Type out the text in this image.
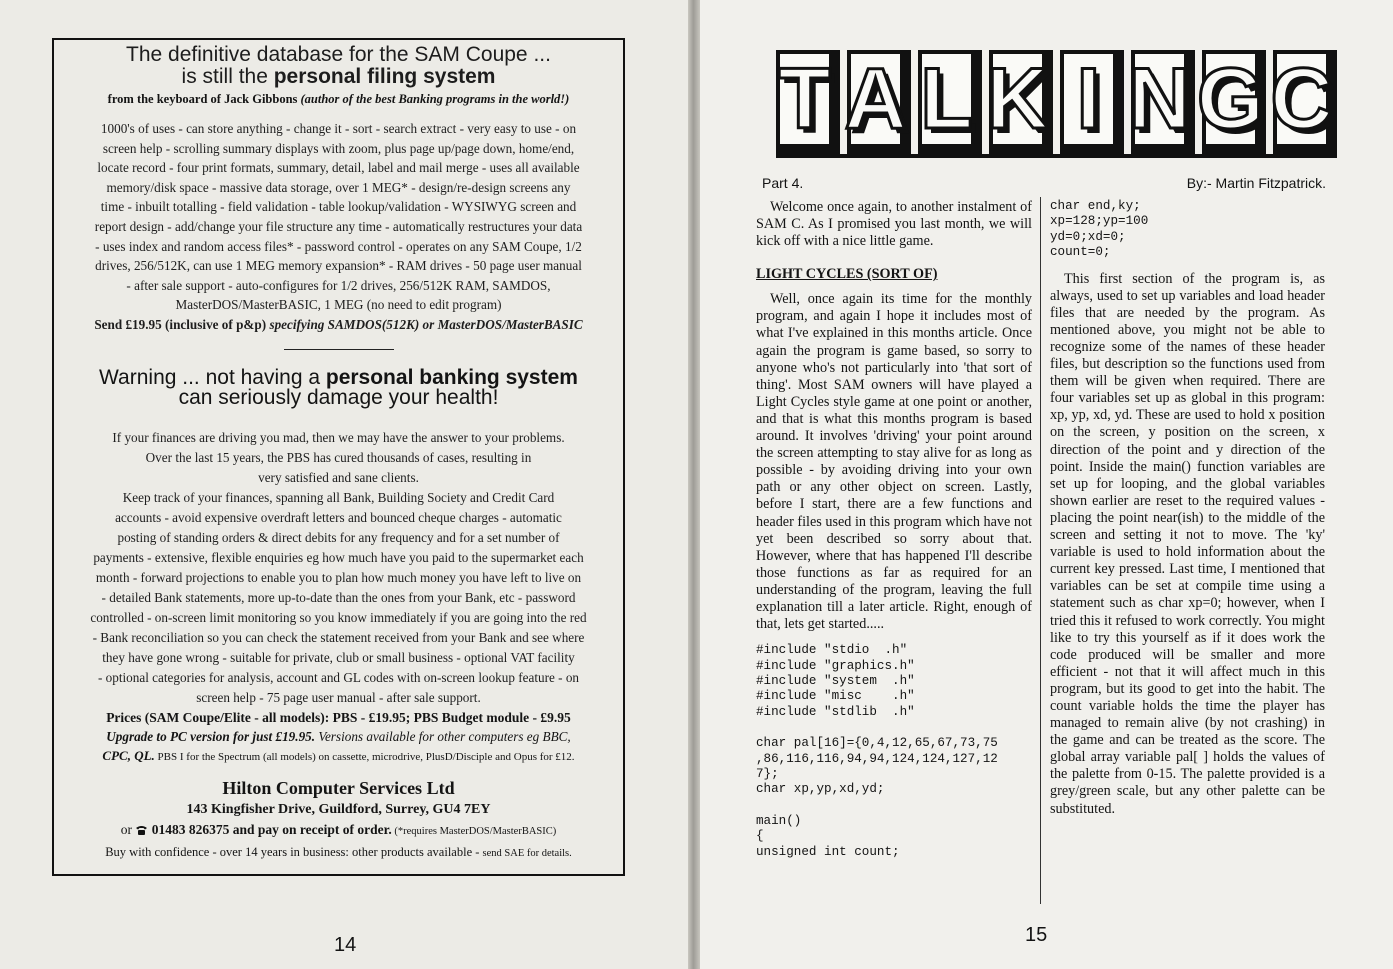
The definitive database for the SAM Coupe ...
is still the personal filing system
from the keyboard of Jack Gibbons (author of the best Banking programs in the world!)
1000's of uses - can store anything - change it - sort - search extract - very easy to use - on
screen help - scrolling summary displays with zoom, plus page up/page down, home/end,
locate record - four print formats, summary, detail, label and mail merge - uses all available
memory/disk space - massive data storage, over 1 MEG* - design/re-design screens any
time - inbuilt totalling - field validation - table lookup/validation - WYSIWYG screen and
report design - add/change your file structure any time - automatically restructures your data
- uses index and random access files* - password control - operates on any SAM Coupe, 1/2
drives, 256/512K, can use 1 MEG memory expansion* - RAM drives - 50 page user manual
- after sale support - auto-configures for 1/2 drives, 256/512K RAM, SAMDOS,
MasterDOS/MasterBASIC, 1 MEG (no need to edit program)
Send £19.95 (inclusive of p&p) specifying SAMDOS(512K) or MasterDOS/MasterBASIC
Warning ... not having a personal banking system
can seriously damage your health!
If your finances are driving you mad, then we may have the answer to your problems.
Over the last 15 years, the PBS has cured thousands of cases, resulting in
very satisfied and sane clients.
Keep track of your finances, spanning all Bank, Building Society and Credit Card
accounts - avoid expensive overdraft letters and bounced cheque charges - automatic
posting of standing orders & direct debits for any frequency and for a set number of
payments - extensive, flexible enquiries eg how much have you paid to the supermarket each
month - forward projections to enable you to plan how much money you have left to live on
- detailed Bank statements, more up-to-date than the ones from your Bank, etc - password
controlled - on-screen limit monitoring so you know immediately if you are going into the red
- Bank reconciliation so you can check the statement received from your Bank and see where
they have gone wrong - suitable for private, club or small business - optional VAT facility
- optional categories for analysis, account and GL codes with on-screen lookup feature - on
screen help - 75 page user manual - after sale support.
Prices (SAM Coupe/Elite - all models): PBS - £19.95; PBS Budget module - £9.95
Upgrade to PC version for just £19.95. Versions available for other computers eg BBC,
CPC, QL. PBS I for the Spectrum (all models) on cassette, microdrive, PlusD/Disciple and Opus for £12.
Hilton Computer Services Ltd
143 Kingfisher Drive, Guildford, Surrey, GU4 7EY
or  01483 826375 and pay on receipt of order. (*requires MasterDOS/MasterBASIC)
Buy with confidence - over 14 years in business: other products available - send SAE for details.
14
T A L K I N G C
Part 4.	By:- Martin Fitzpatrick.

Welcome once again, to another instalment of SAM C. As I promised you last month, we will kick off with a nice little game.

LIGHT CYCLES (SORT OF)

Well, once again its time for the monthly program, and again I hope it includes most of what I've explained in this months article. Once again the program is game based, so sorry to anyone who's not particularly into 'that sort of thing'. Most SAM owners will have played a Light Cycles style game at one point or another, and that is what this months program is based around. It involves 'driving' your point around the screen attempting to stay alive for as long as possible - by avoiding driving into your own path or any other object on screen. Lastly, before I start, there are a few functions and header files used in this program which have not yet been described so sorry about that. However, where that has happened I'll describe those functions as far as required for an understanding of the program, leaving the full explanation till a later article. Right, enough of that, lets get started.....

#include "stdio  .h"
#include "graphics.h"
#include "system  .h"
#include "misc    .h"
#include "stdlib  .h"
char pal[16]={0,4,12,65,67,73,75
,86,116,116,94,94,124,124,127,12
7};
char xp,yp,xd,yd;
main()
{
unsigned int count;
char end,ky;
xp=128;yp=100
yd=0;xd=0;
count=0;

This first section of the program is, as always, used to set up variables and load header files that are needed by the program. As mentioned above, you might not be able to recognize some of the names of these header files, but description so the functions used from them will be given when required. There are four variables set up as global in this program: xp, yp, xd, yd. These are used to hold x position on the screen, y position on the screen, x direction of the point and y direction of the point. Inside the main() function variables are set up for looping, and the global variables shown earlier are reset to the required values - placing the point near(ish) to the middle of the screen and setting it not to move. The 'ky' variable is used to hold information about the current key pressed. Last time, I mentioned that variables can be set at compile time using a statement such as char xp=0; however, when I tried this it refused to work correctly. You might like to try this yourself as if it does work the code produced will be smaller and more efficient - not that it will affect much in this program, but its good to get into the habit. The count variable holds the time the player has managed to remain alive (by not crashing) in the game and can be treated as the score. The global array variable pal[ ] holds the values of the palette from 0-15. The palette provided is a grey/green scale, but any other palette can be substituted.

15
